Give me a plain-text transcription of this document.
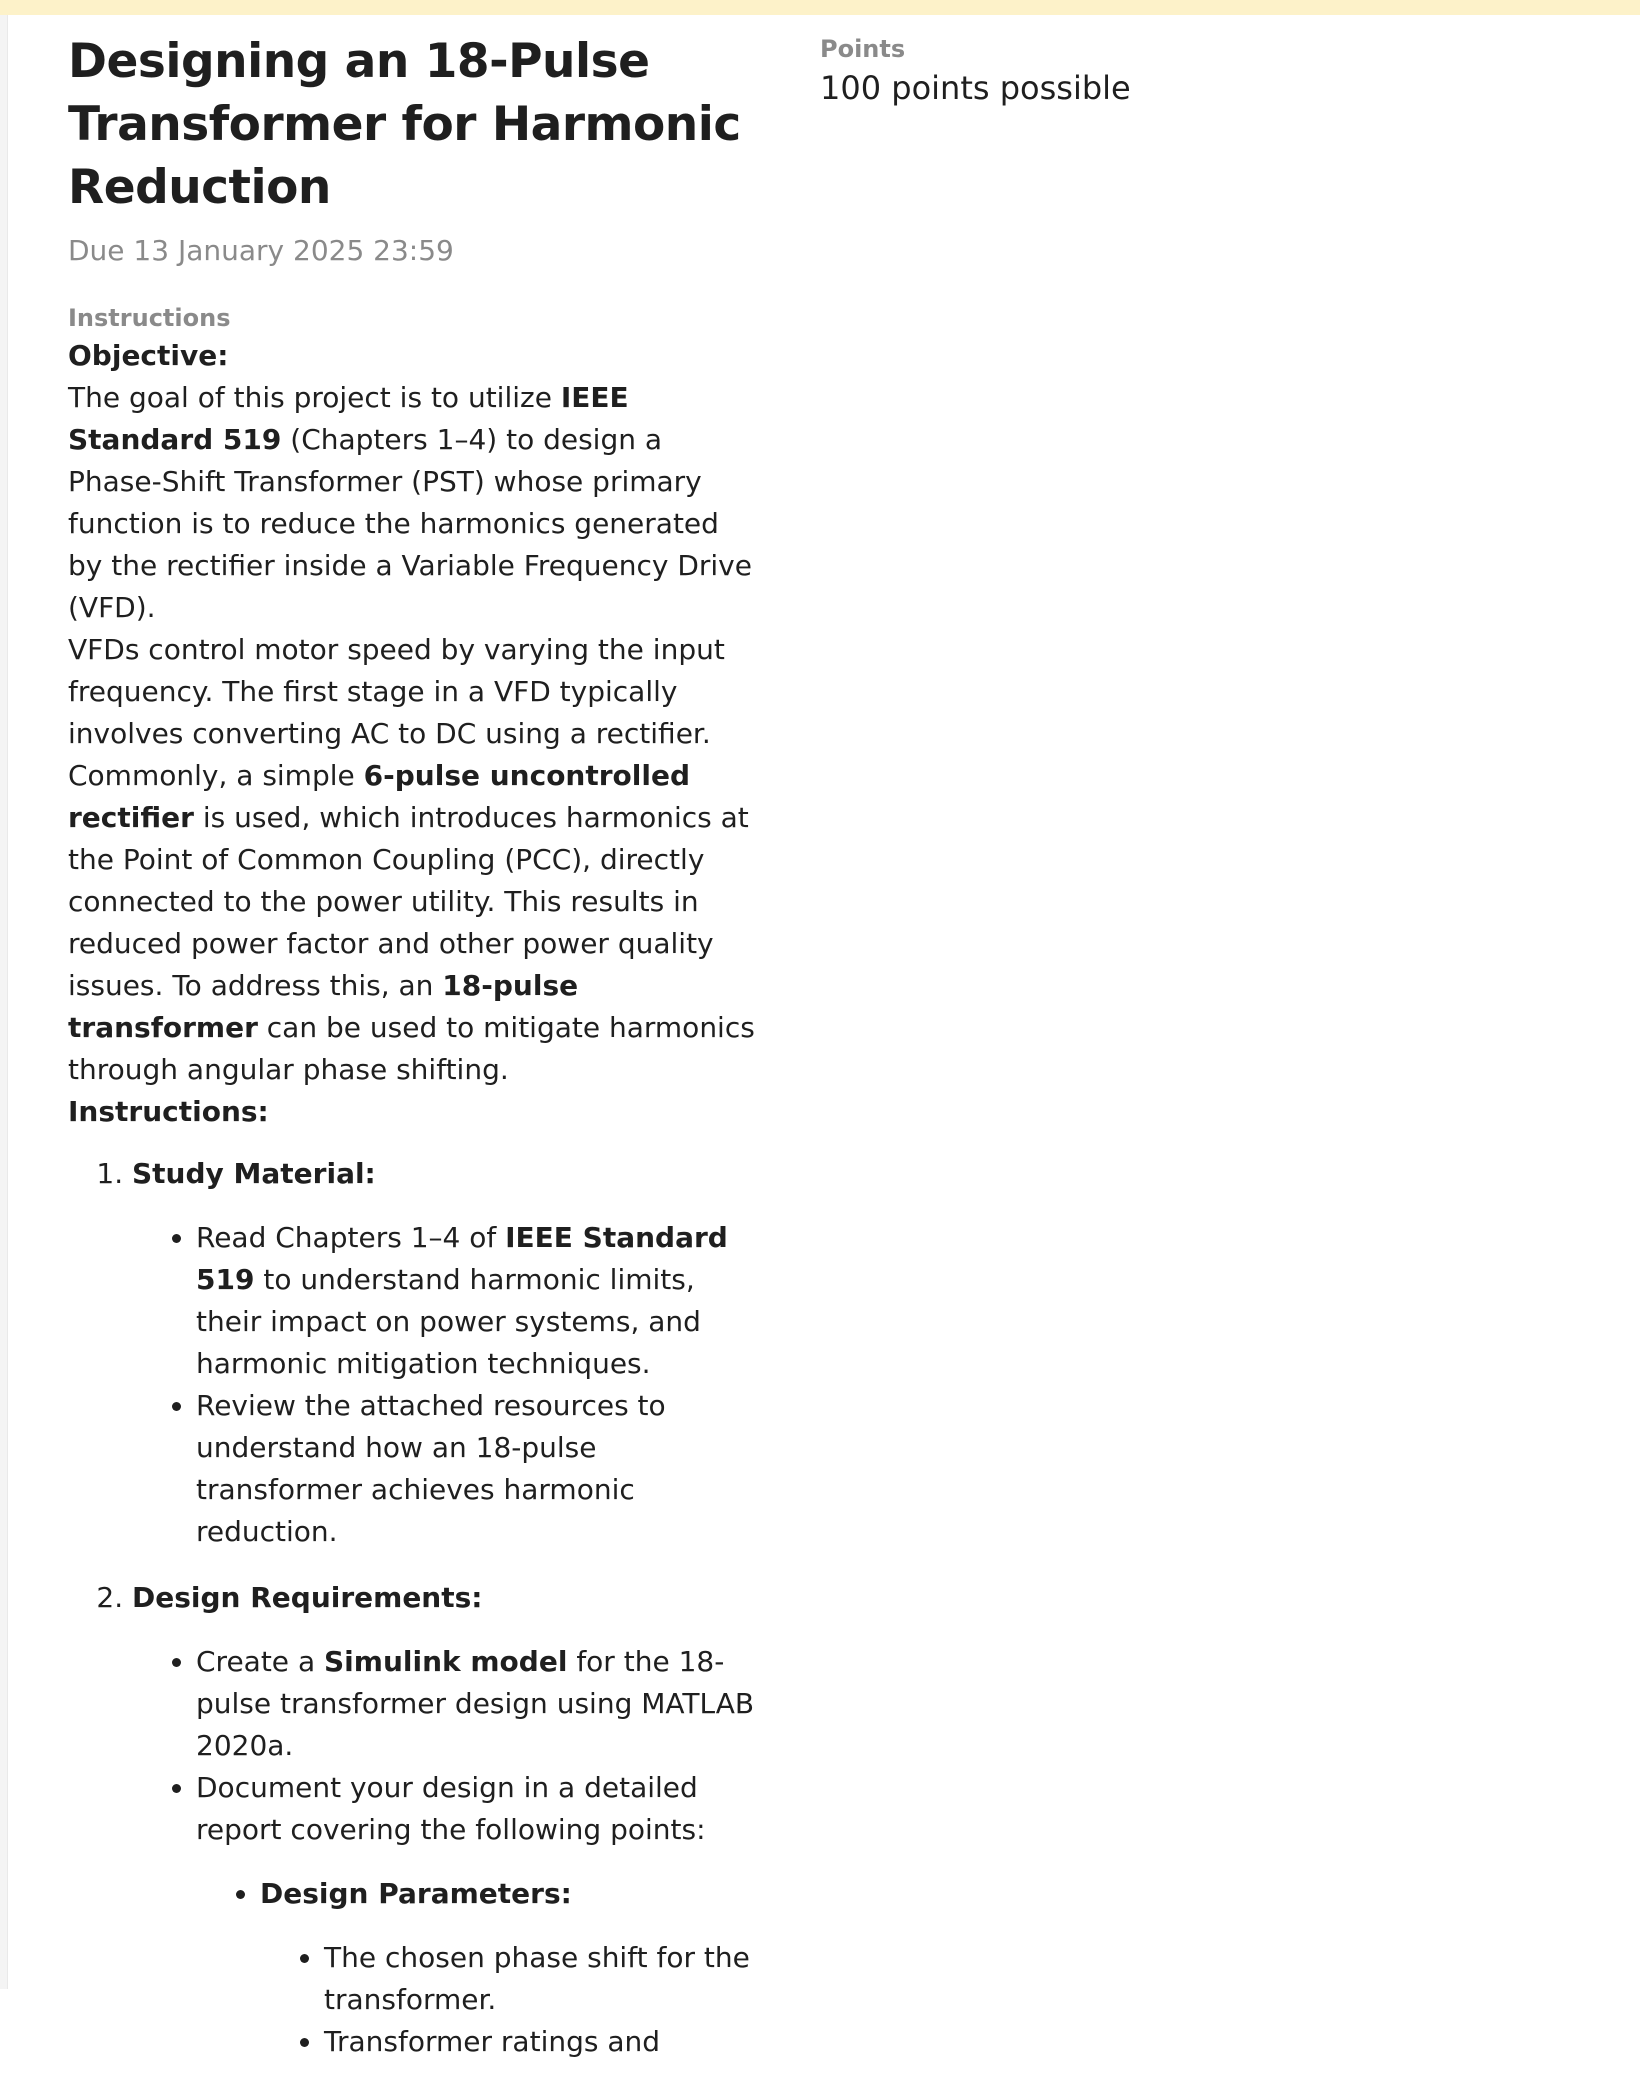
Designing an 18-Pulse Transformer for Harmonic Reduction
Due 13 January 2025 23:59
Instructions

Objective:

The goal of this project is to utilize IEEE Standard 519 (Chapters 1–4) to design a Phase-Shift Transformer (PST) whose primary function is to reduce the harmonics generated by the rectifier inside a Variable Frequency Drive (VFD).

VFDs control motor speed by varying the input frequency. The first stage in a VFD typically involves converting AC to DC using a rectifier. Commonly, a simple 6-pulse uncontrolled rectifier is used, which introduces harmonics at the Point of Common Coupling (PCC), directly connected to the power utility. This results in reduced power factor and other power quality issues. To address this, an 18-pulse transformer can be used to mitigate harmonics through angular phase shifting.

Instructions:

1. Study Material:
• Read Chapters 1–4 of IEEE Standard 519 to understand harmonic limits, their impact on power systems, and harmonic mitigation techniques.
• Review the attached resources to understand how an 18-pulse transformer achieves harmonic reduction.
2. Design Requirements:
• Create a Simulink model for the 18-pulse transformer design using MATLAB 2020a.
• Document your design in a detailed report covering the following points:
• Design Parameters:
• The chosen phase shift for the transformer.
• Transformer ratings and
Points
100 points possible
